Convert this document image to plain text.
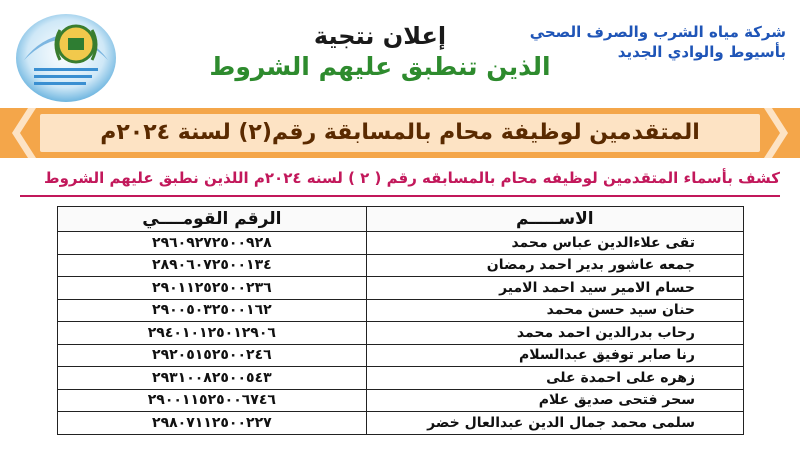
إعلان نتجية
الذين تنطبق عليهم الشروط
شركة مياه الشرب والصرف الصحي
بأسيوط والوادي الجديد
المتقدمين لوظيفة محام بالمسابقة رقم(٢) لسنة ٢٠٢٤م
كشف بأسماء المتقدمين لوظيفه محام بالمسابقه رقم ( ٢ ) لسنه ٢٠٢٤م اللذين نطبق عليهم الشروط
الاســـــم	الرقم القومــــي
تقى علاءالدين عباس محمد	٢٩٦٠٩٢٧٢٥٠٠٩٢٨
جمعه عاشور بدير احمد رمضان	٢٨٩٠٦٠٧٢٥٠٠١٣٤
حسام الامير سيد احمد الامير	٢٩٠١١٢٥٢٥٠٠٢٣٦
حنان سيد حسن محمد	٢٩٠٠٥٠٣٢٥٠٠١٦٢
رحاب بدرالدين احمد محمد	٢٩٤٠١٠١٢٥٠١٢٩٠٦
رنا صابر توفيق عبدالسلام	٢٩٢٠٥١٥٢٥٠٠٢٤٦
زهره على احمدة على	٢٩٣١٠٠٨٢٥٠٠٥٤٣
سحر فتحى صديق علام	٢٩٠٠١١٥٢٥٠٠٦٧٤٦
سلمى محمد جمال الدين عبدالعال خضر	٢٩٨٠٧١١٢٥٠٠٢٢٧
